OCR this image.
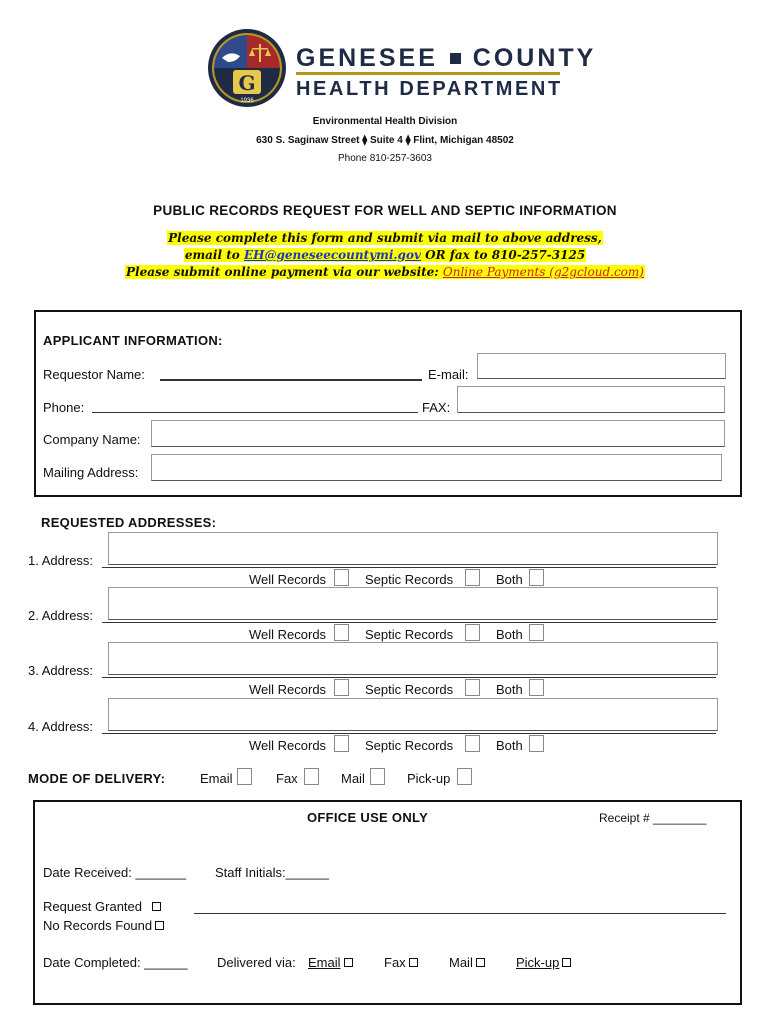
G
1936
GENESEE COUNTY
HEALTH DEPARTMENT
Environmental Health Division
630 S. Saginaw Street ⧫ Suite 4 ⧫ Flint, Michigan 48502
Phone 810-257-3603
PUBLIC RECORDS REQUEST FOR WELL AND SEPTIC INFORMATION
Please complete this form and submit via mail to above address,
email to EH@geneseecountymi.gov OR fax to 810-257-3125
Please submit online payment via our website: Online Payments (g2gcloud.com)
APPLICANT INFORMATION:
Requestor Name:	E-mail:
Phone:	FAX:
Company Name:
Mailing Address:
REQUESTED ADDRESSES:
1. Address:
Well Records	Septic Records	Both
2. Address:
Well Records	Septic Records	Both
3. Address:
Well Records	Septic Records	Both
4. Address:
Well Records	Septic Records	Both
MODE OF DELIVERY:	Email	Fax	Mail	Pick-up
OFFICE USE ONLY	Receipt # ________
Date Received: _______ Staff Initials:______
Request Granted
No Records Found
Date Completed: ______ Delivered via: Email	Fax	Mail	Pick-up
